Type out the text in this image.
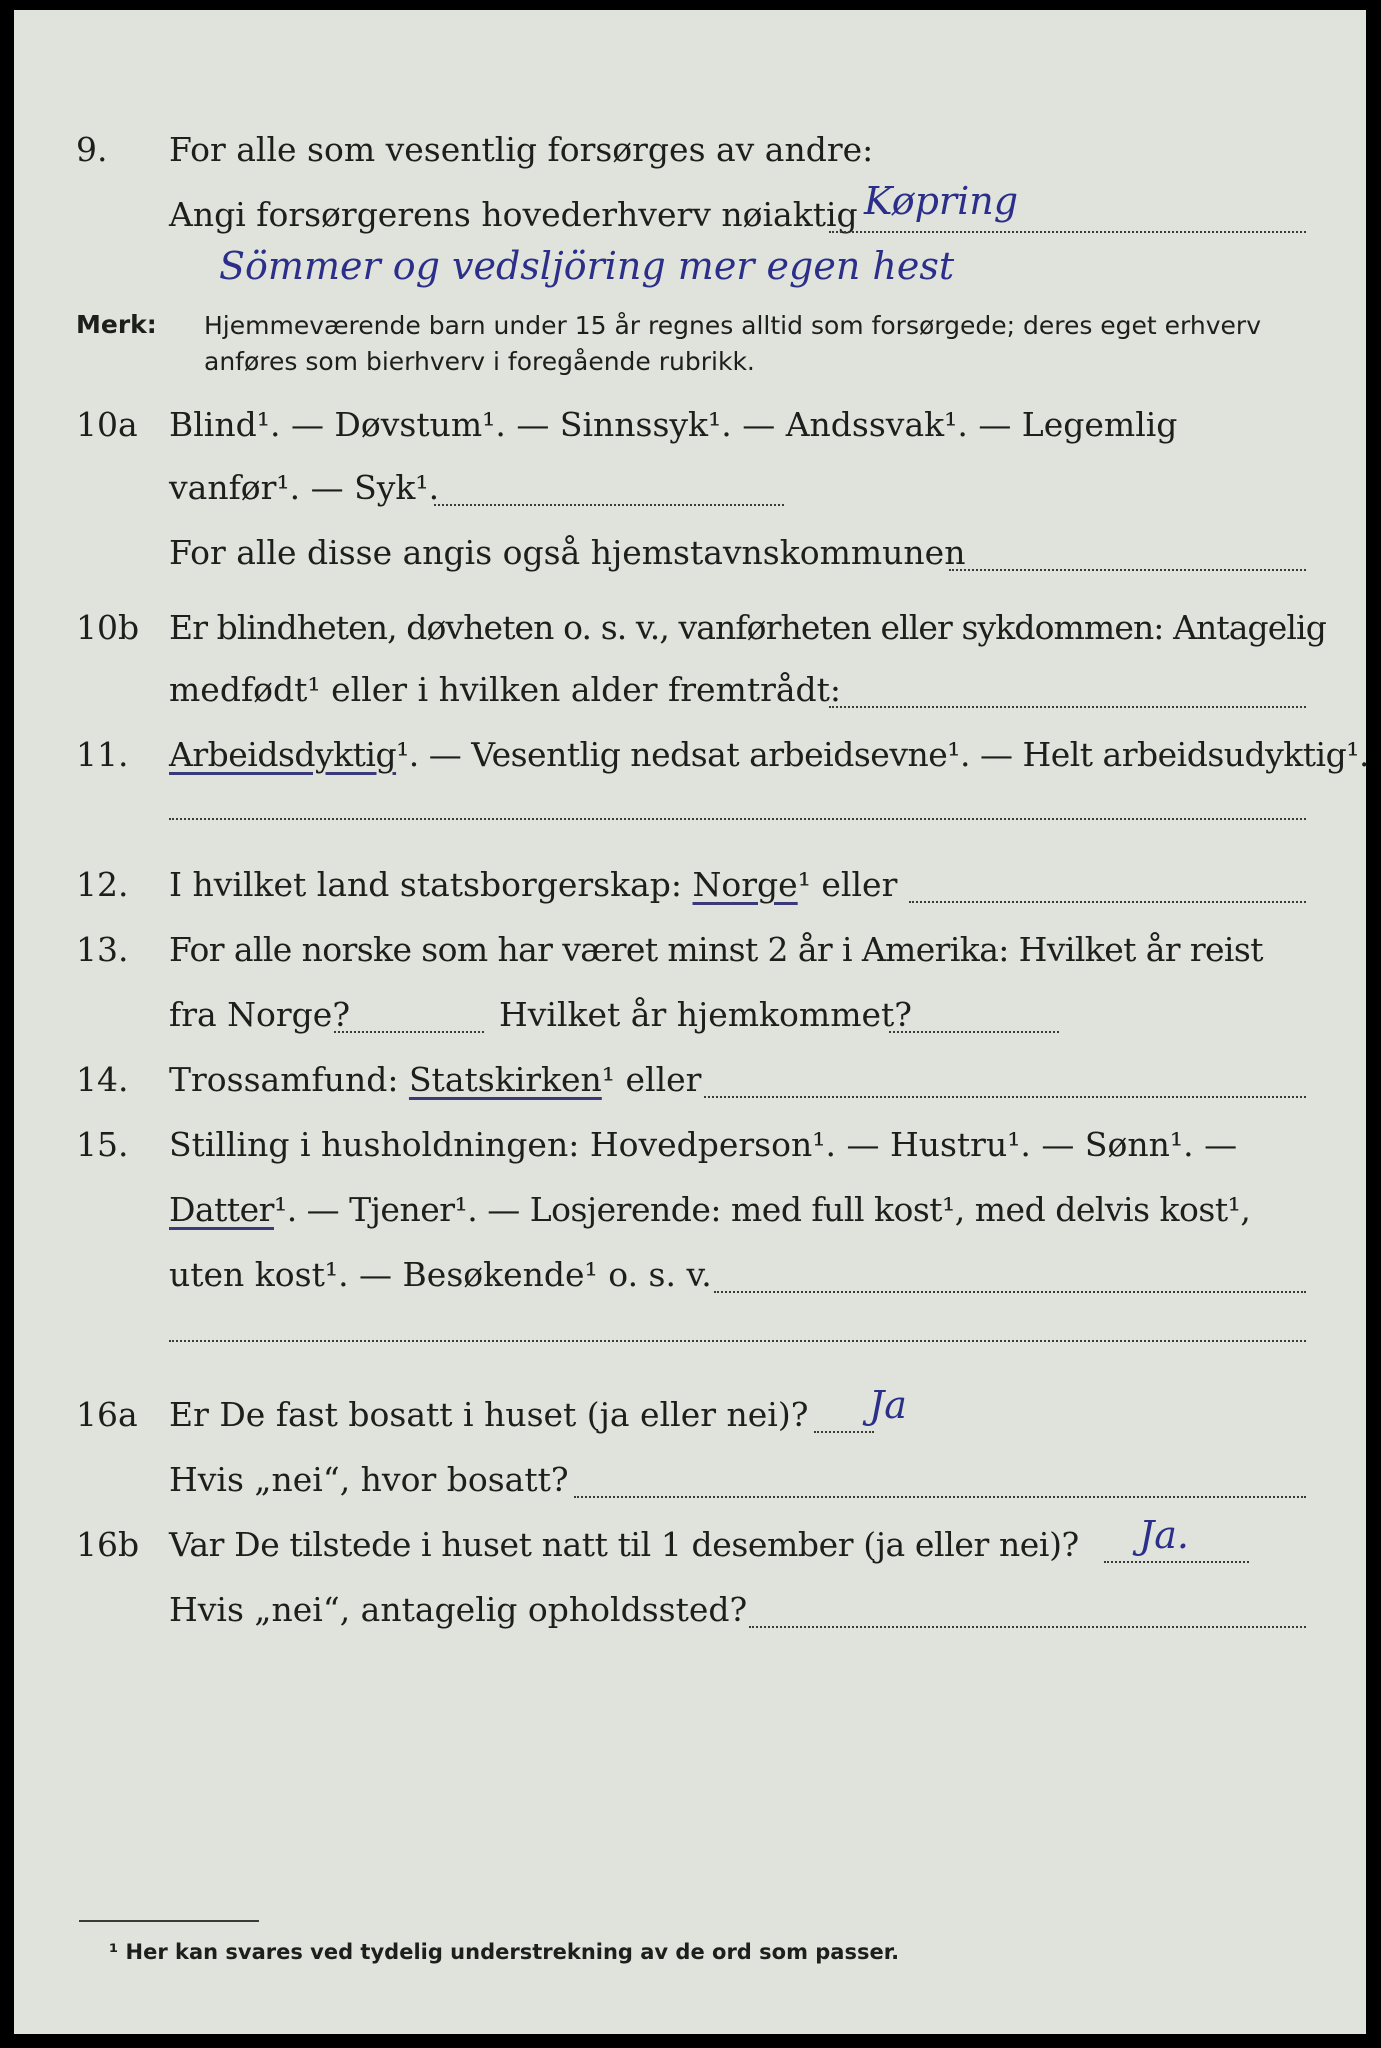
9. For alle som vesentlig forsørges av andre:
Angi forsørgerens hovederhverv nøiaktig Køpring
Sömmer og vedsljöring mer egen hest
Merk: Hjemmeværende barn under 15 år regnes alltid som forsørgede; deres eget erhverv anføres som bierhverv i foregående rubrikk.
10a Blind¹. — Døvstum¹. — Sinnssyk¹. — Andssvak¹. — Legemlig
vanfør¹. — Syk¹.
For alle disse angis også hjemstavnskommunen
10b Er blindheten, døvheten o. s. v., vanførheten eller sykdommen: Antagelig
medfødt¹ eller i hvilken alder fremtrådt:
11. Arbeidsdyktig¹. — Vesentlig nedsat arbeidsevne¹. — Helt arbeidsudyktig¹.
12. I hvilket land statsborgerskap: Norge¹ eller
13. For alle norske som har været minst 2 år i Amerika: Hvilket år reist
fra Norge?	Hvilket år hjemkommet?
14. Trossamfund: Statskirken¹ eller
15. Stilling i husholdningen: Hovedperson¹. — Hustru¹. — Sønn¹. —
Datter¹. — Tjener¹. — Losjerende: med full kost¹, med delvis kost¹,
uten kost¹. — Besøkende¹ o. s. v.
16a Er De fast bosatt i huset (ja eller nei)? Ja
Hvis „nei“, hvor bosatt?
16b Var De tilstede i huset natt til 1 desember (ja eller nei)? Ja.
Hvis „nei“, antagelig opholdssted?
¹ Her kan svares ved tydelig understrekning av de ord som passer.
